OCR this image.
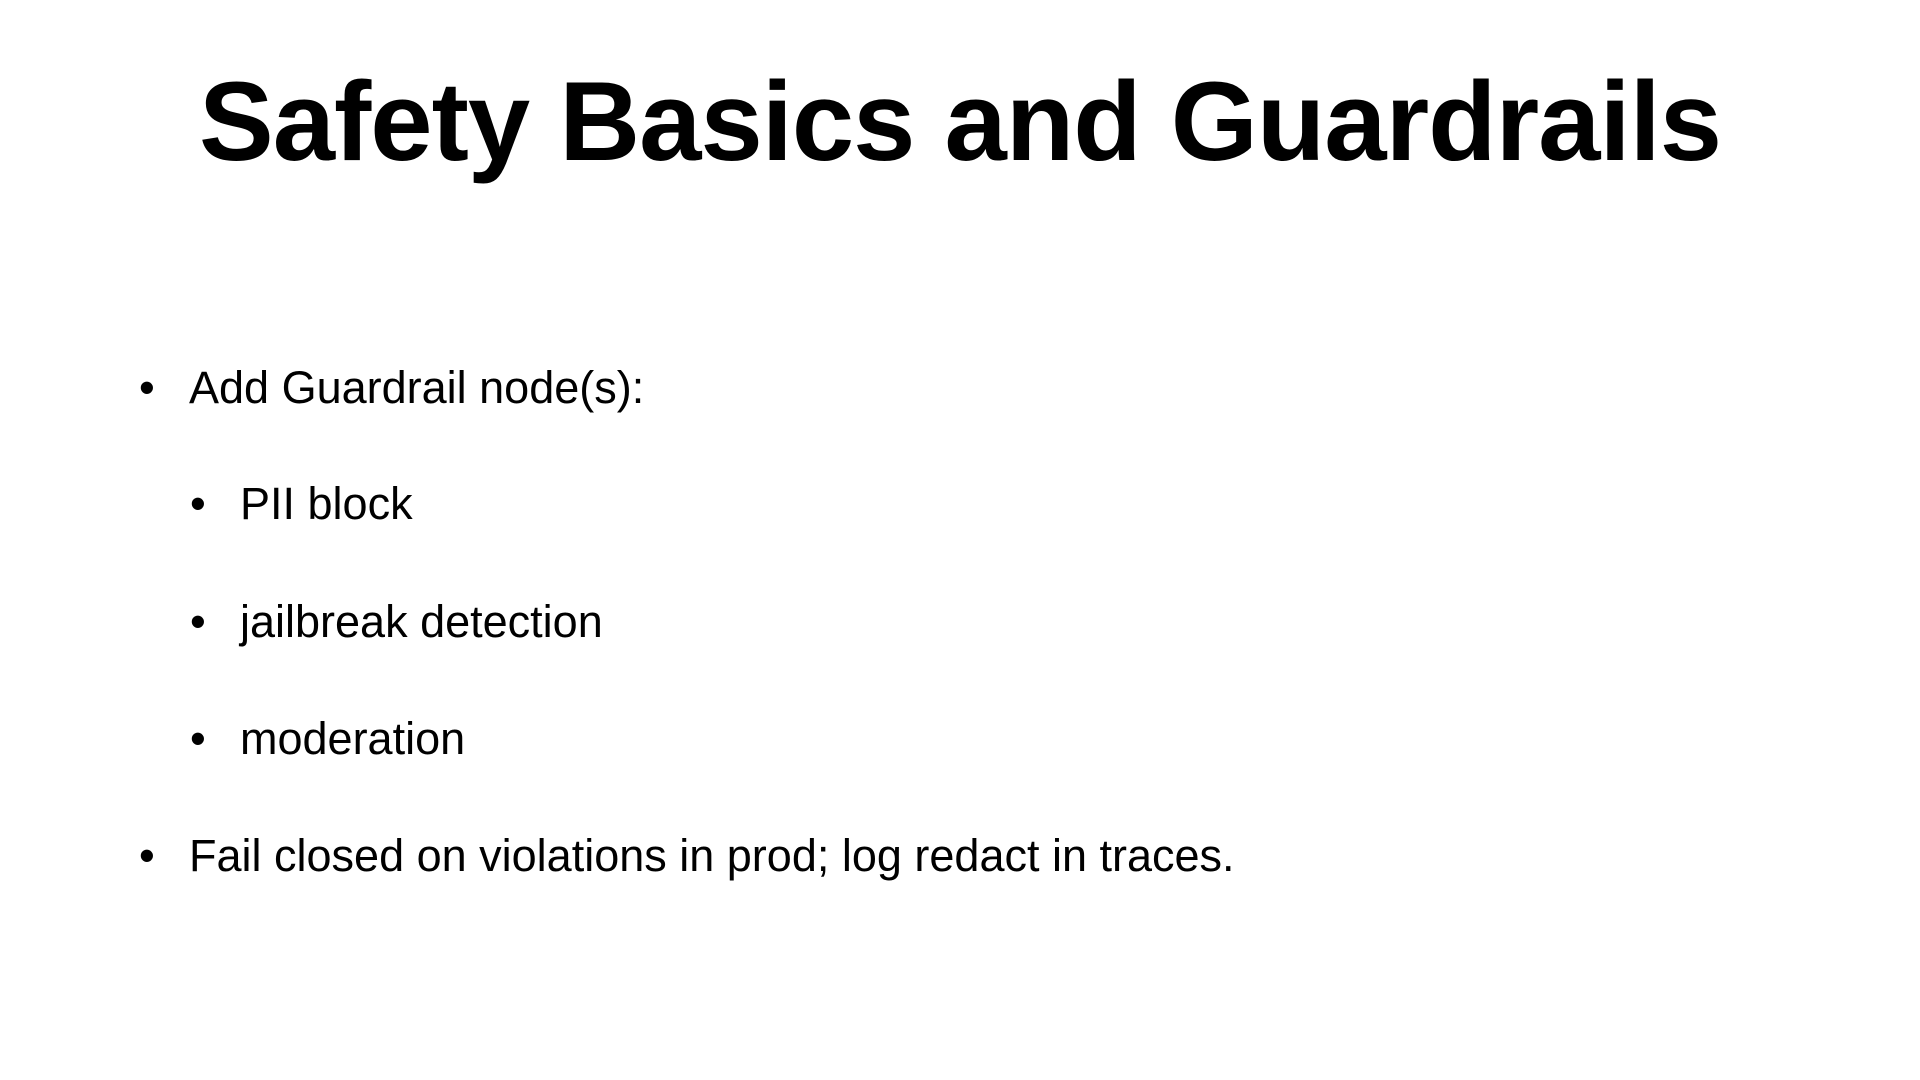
Safety Basics and Guardrails
• Add Guardrail node(s):
• PII block
• jailbreak detection
• moderation
• Fail closed on violations in prod; log redact in traces.
